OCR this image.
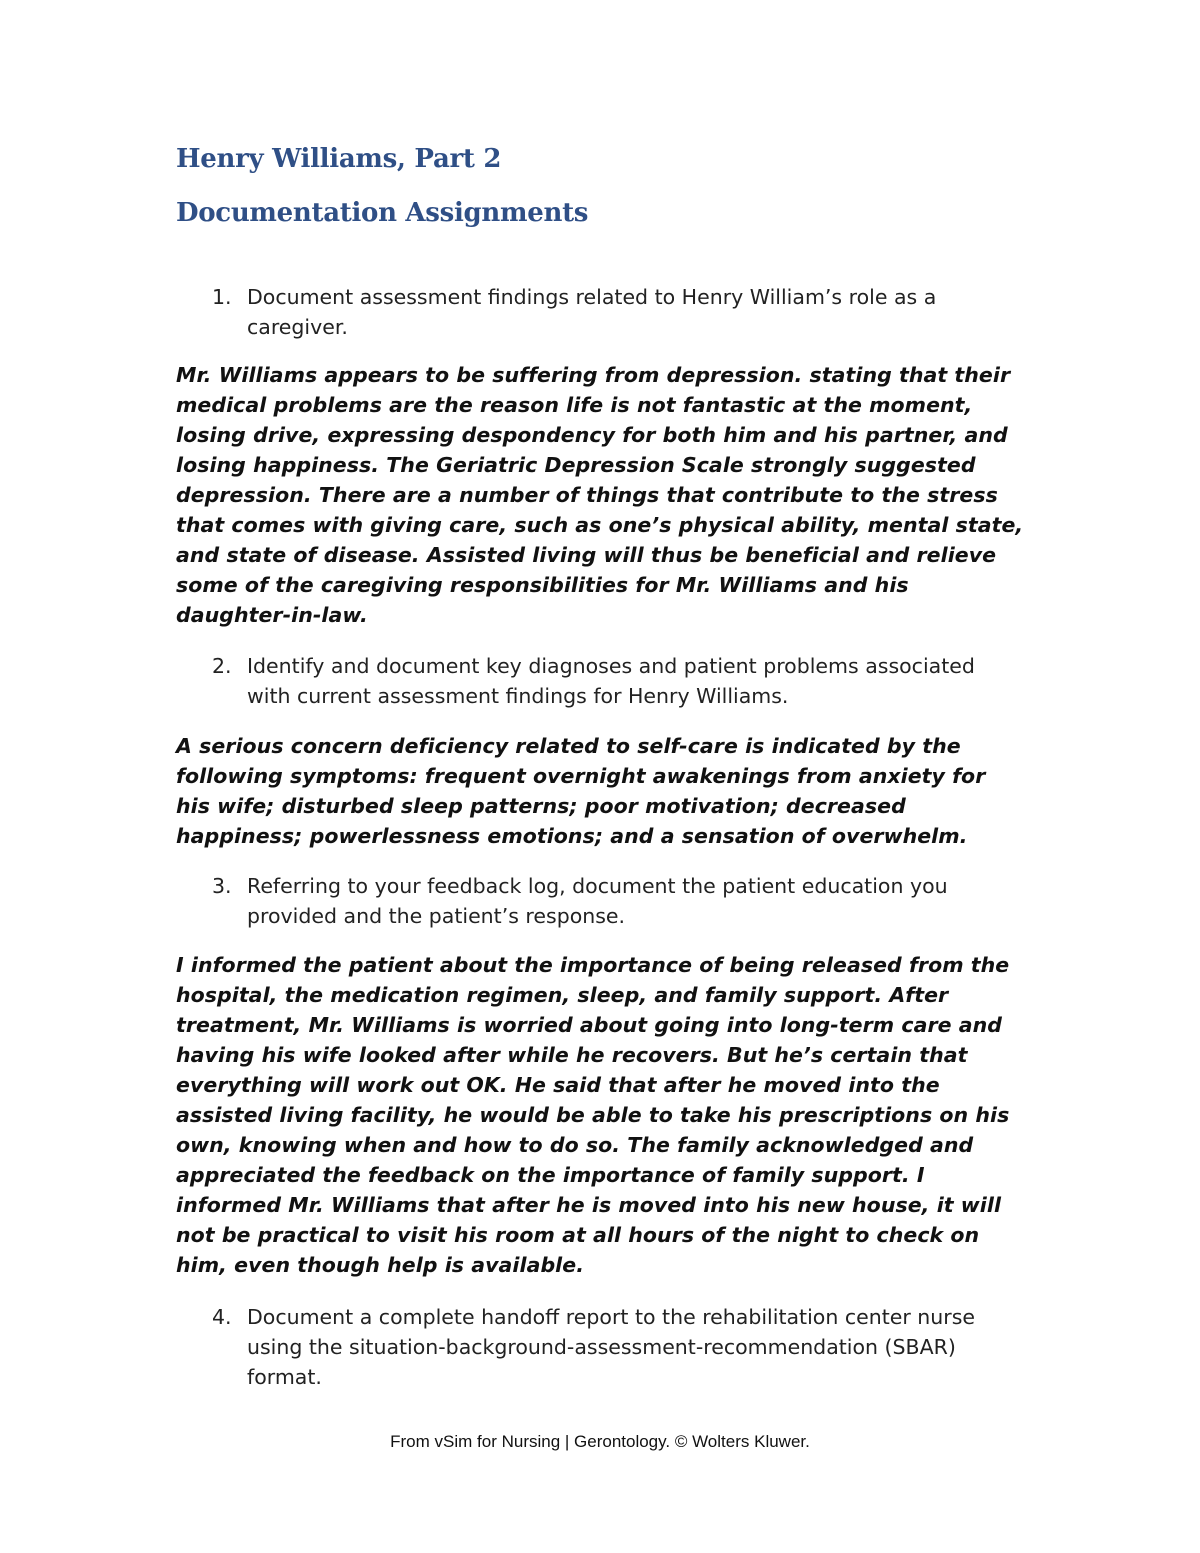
Henry Williams, Part 2
Documentation Assignments
1. Document assessment findings related to Henry William’s role as a caregiver.
Mr. Williams appears to be suffering from depression. stating that their medical problems are the reason life is not fantastic at the moment, losing drive, expressing despondency for both him and his partner, and losing happiness. The Geriatric Depression Scale strongly suggested depression. There are a number of things that contribute to the stress that comes with giving care, such as one’s physical ability, mental state, and state of disease. Assisted living will thus be beneficial and relieve some of the caregiving responsibilities for Mr. Williams and his daughter-in-law.
2. Identify and document key diagnoses and patient problems associated with current assessment findings for Henry Williams.
A serious concern deficiency related to self-care is indicated by the following symptoms: frequent overnight awakenings from anxiety for his wife; disturbed sleep patterns; poor motivation; decreased happiness; powerlessness emotions; and a sensation of overwhelm.
3. Referring to your feedback log, document the patient education you provided and the patient’s response.
I informed the patient about the importance of being released from the hospital, the medication regimen, sleep, and family support. After treatment, Mr. Williams is worried about going into long-term care and having his wife looked after while he recovers. But he’s certain that everything will work out OK. He said that after he moved into the assisted living facility, he would be able to take his prescriptions on his own, knowing when and how to do so. The family acknowledged and appreciated the feedback on the importance of family support. I informed Mr. Williams that after he is moved into his new house, it will not be practical to visit his room at all hours of the night to check on him, even though help is available.
4. Document a complete handoff report to the rehabilitation center nurse using the situation-background-assessment-recommendation (SBAR) format.
From vSim for Nursing | Gerontology. © Wolters Kluwer.
